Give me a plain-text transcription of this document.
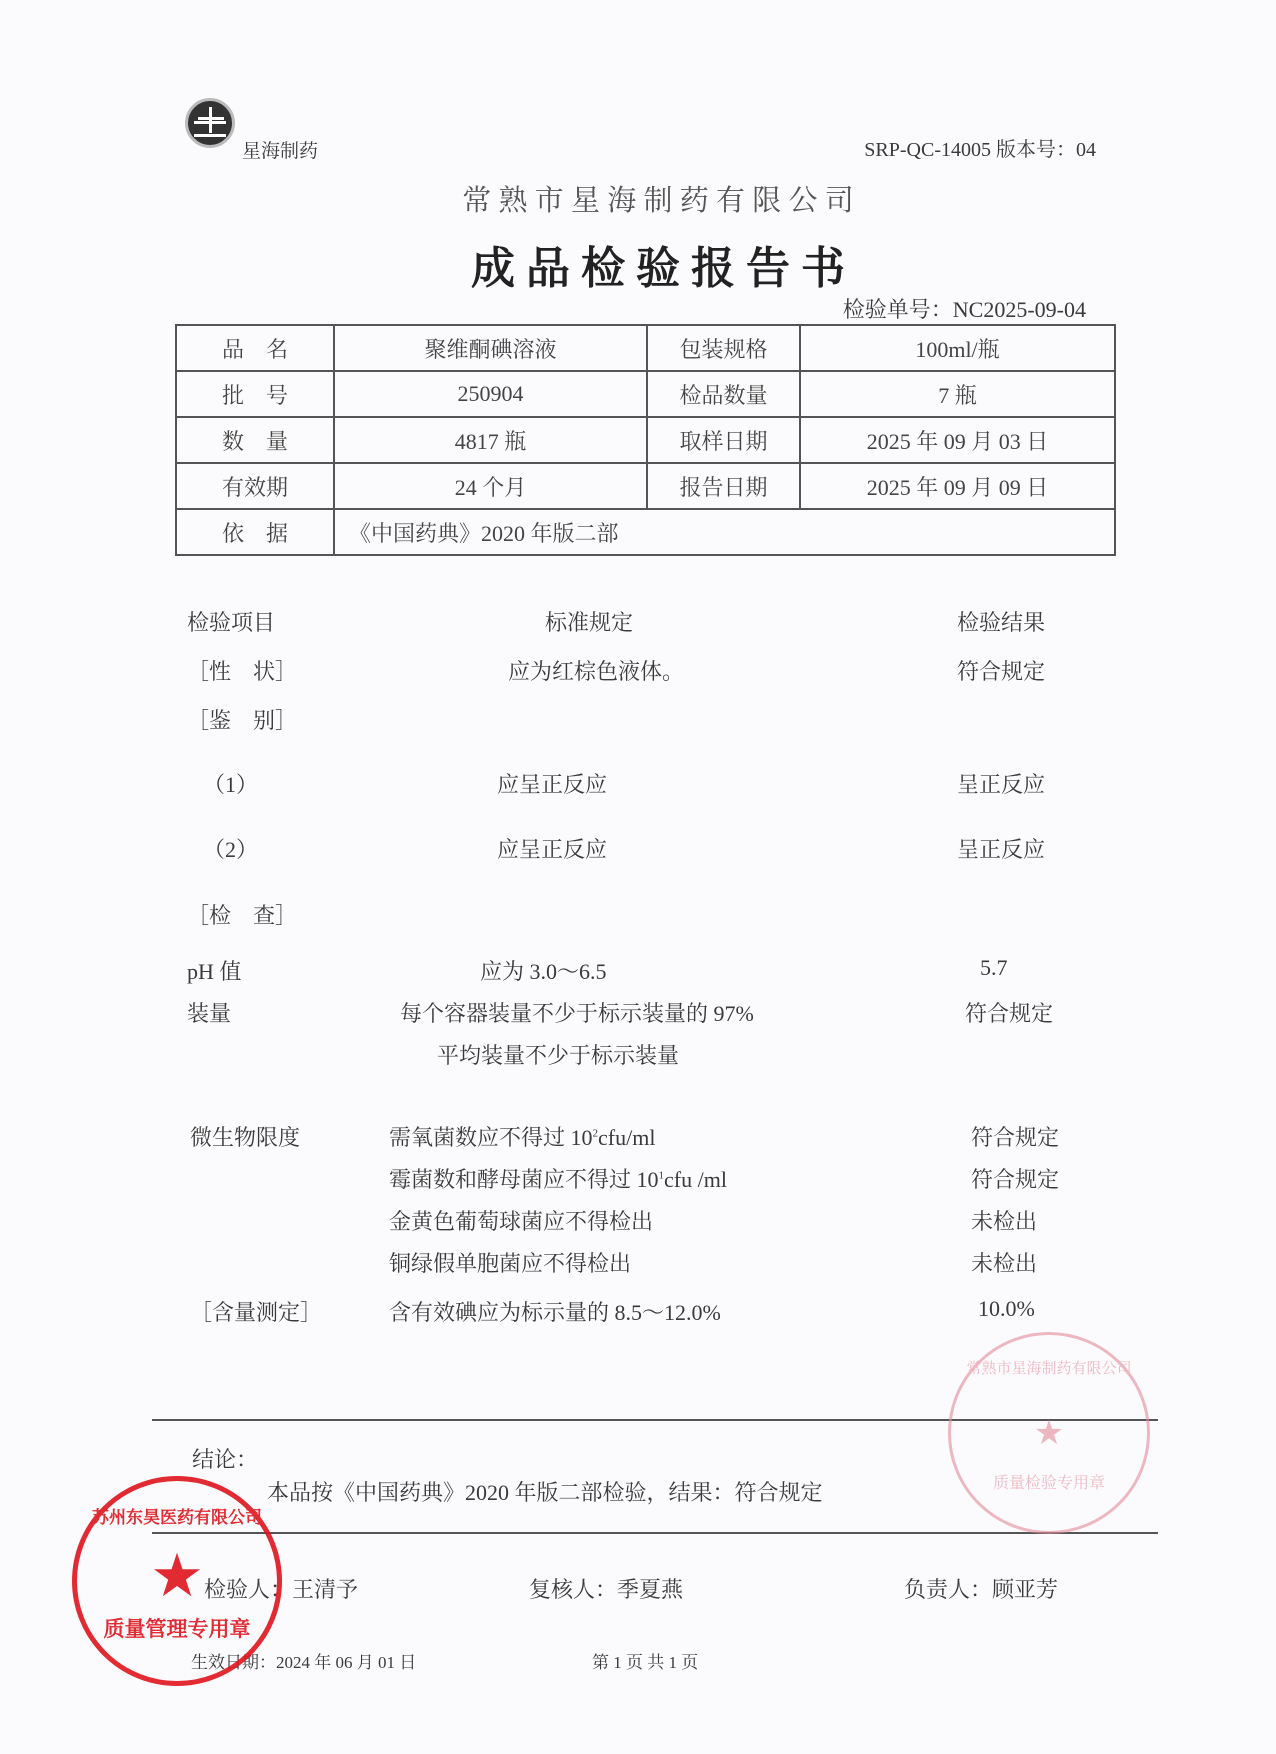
星海制药	SRP-QC-14005 版本号：04
常 熟 市 星 海 制 药 有 限 公 司
成 品 检 验 报 告 书
检验单号：NC2025-09-04
品　名	聚维酮碘溶液	包装规格	100ml/瓶
批　号	250904	检品数量	7 瓶
数　量	4817 瓶	取样日期	2025 年 09 月 03 日
有效期	24 个月	报告日期	2025 年 09 月 09 日
依　据	《中国药典》2020 年版二部		
检验项目	标准规定	检验结果
［性　状］	应为红棕色液体。	符合规定
［鉴　别］
（1）	应呈正反应	呈正反应
（2）	应呈正反应	呈正反应
［检　查］
pH 值	应为 3.0～6.5	5.7
装量	每个容器装量不少于标示装量的 97%	符合规定
平均装量不少于标示装量
微生物限度	需氧菌数应不得过 $10^2cfu/ml$	符合规定
霉菌数和酵母菌应不得过 $10^1cfu$ /ml	符合规定
金黄色葡萄球菌应不得检出	未检出
铜绿假单胞菌应不得检出	未检出
［含量测定］	含有效碘应为标示量的 8.5～12.0%	10.0%
结论：
本品按《中国药典》2020 年版二部检验，结果：符合规定
检验人：王清予	复核人：季夏燕	负责人：顾亚芳
生效日期：2024 年 06 月 01 日	第 1 页 共 1 页
常熟市星海制药有限公司
★
质量检验专用章
苏州东昊医药有限公司
★
质量管理专用章
